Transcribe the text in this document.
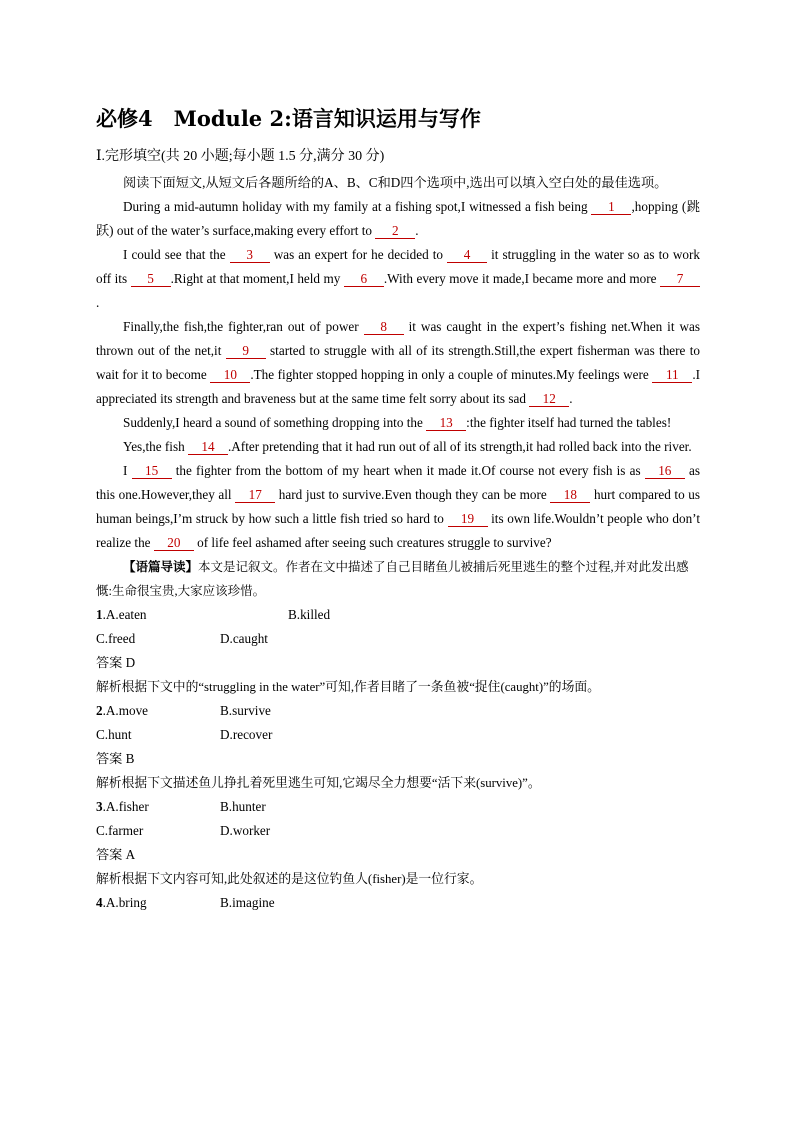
必修4　Module 2:语言知识运用与写作
Ⅰ.完形填空(共 20 小题;每小题 1.5 分,满分 30 分)
阅读下面短文,从短文后各题所给的A、B、C和D四个选项中,选出可以填入空白处的最佳选项。
During a mid-autumn holiday with my family at a fishing spot,I witnessed a fish being 1 ,hopping (跳跃) out of the water’s surface,making every effort to 2 .
I could see that the 3 was an expert for he decided to 4 it struggling in the water so as to work off its 5 .Right at that moment,I held my 6 .With every move it made,I became more and more 7.
Finally,the fish,the fighter,ran out of power 8 it was caught in the expert’s fishing net.When it was thrown out of the net,it 9 started to struggle with all of its strength.Still,the expert fisherman was there to wait for it to become 10 .The fighter stopped hopping in only a couple of minutes.My feelings were 11 .I appreciated its strength and braveness but at the same time felt sorry about its sad 12 .
Suddenly,I heard a sound of something dropping into the 13 :the fighter itself had turned the tables!
Yes,the fish 14 .After pretending that it had run out of all of its strength,it had rolled back into the river.
I 15 the fighter from the bottom of my heart when it made it.Of course not every fish is as 16 as this one.However,they all 17 hard just to survive.Even though they can be more 18 hurt compared to us human beings,I’m struck by how such a little fish tried so hard to 19 its own life.Wouldn’t people who don’t realize the 20 of life feel ashamed after seeing such creatures struggle to survive?
【语篇导读】本文是记叙文。作者在文中描述了自己目睹鱼儿被捕后死里逃生的整个过程,并对此发出感慨:生命很宝贵,大家应该珍惜。
1.A.eaten	B.killed
C.freed	D.caught
答案 D
解析根据下文中的“struggling in the water”可知,作者目睹了一条鱼被“捉住(caught)”的场面。
2.A.move	B.survive
C.hunt	D.recover
答案 B
解析根据下文描述鱼儿挣扎着死里逃生可知,它竭尽全力想要“活下来(survive)”。
3.A.fisher	B.hunter
C.farmer	D.worker
答案 A
解析根据下文内容可知,此处叙述的是这位钓鱼人(fisher)是一位行家。
4.A.bring	B.imagine
